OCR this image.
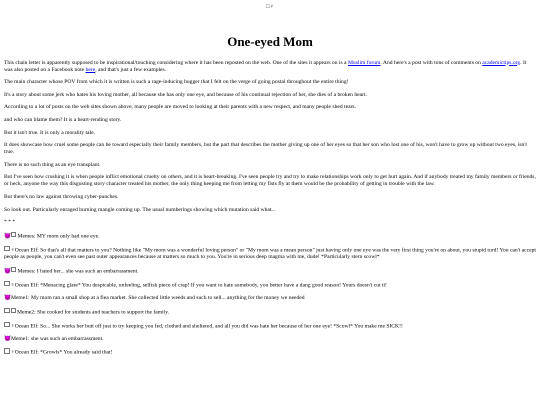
□♀
One-eyed Mom

This chain letter is apparently supposed to be inspirational/touching considering where it has been reposted on the web. One of the sites it appears on is a Muslim forum. And here's a post with tons of comments on academictips.org. It was also posted on a Facebook note here, and that's just a few examples.

The main character whose POV from which it is written is such a rage-inducing bugger that I felt on the verge of going postal throughout the entire thing!

It's a story about some jerk who hates his loving mother, all because she has only one eye, and because of his continual rejection of her, she dies of a broken heart.

According to a lot of posts on the web sites shown above, many people are moved to looking at their parents with a new respect, and many people shed tears.

and who can blame them? It is a heart-rending story.

But it isn't true. It is only a morality tale.

It does showcase how cruel some people can be toward especially their family members, but the part that describes the mother giving up one of her eyes so that her son who lost one of his, won't have to grow up without two eyes, isn't true.

There is no such thing as an eye transplant.

But I've seen how crushing it is when people inflict emotional cruelty on others, and it is heart-breaking. I've seen people try and try to make relationships work only to get hurt again. And if anybody treated my family members or friends, or heck, anyone the way this disgusting story character treated his mother, the only thing keeping me from letting my fists fly at them would be the probability of getting in trouble with the law.

But there's no law against throwing cyber-punches.

So look out. Particularly enraged burning mangle coming up. The usual numberings showing which mutation said what...

* * *

😈 Memes: MY mom only had one eye.

♀Ocean Elf: So that's all that matters to you? Nothing like "My mom was a wonderful loving person" or "My mom was a mean person" just having only one eye was the very first thing you're on about, you stupid turd! You can't accept people as people, you can't even see past outer appearances because at matters so much to you. You're in serious deep magma with me, dude! *Particularly stern scowl*

😈 Memes: I hated her... she was such an embarrassment.

♀Ocean Elf: *Menacing glare* You despicable, unfeeling, selfish piece of crap! If you want to hate somebody, you better have a dang good reason! Yours doesn't cut it!

😈Meme1: My mom ran a small shop at a flea market. She collected little weeds and such to sell... anything for the money we needed

Meme2: She cooked for students and teachers to support the family.

♀Ocean Elf: So... She works her butt off just to try keeping you fed, clothed and sheltered, and all you did was hate her because of her one eye! *Scowl* You make me SICK!!

😈Meme1: she was such an embarrassment.

♀Ocean Elf: *Growls* You already said that!
